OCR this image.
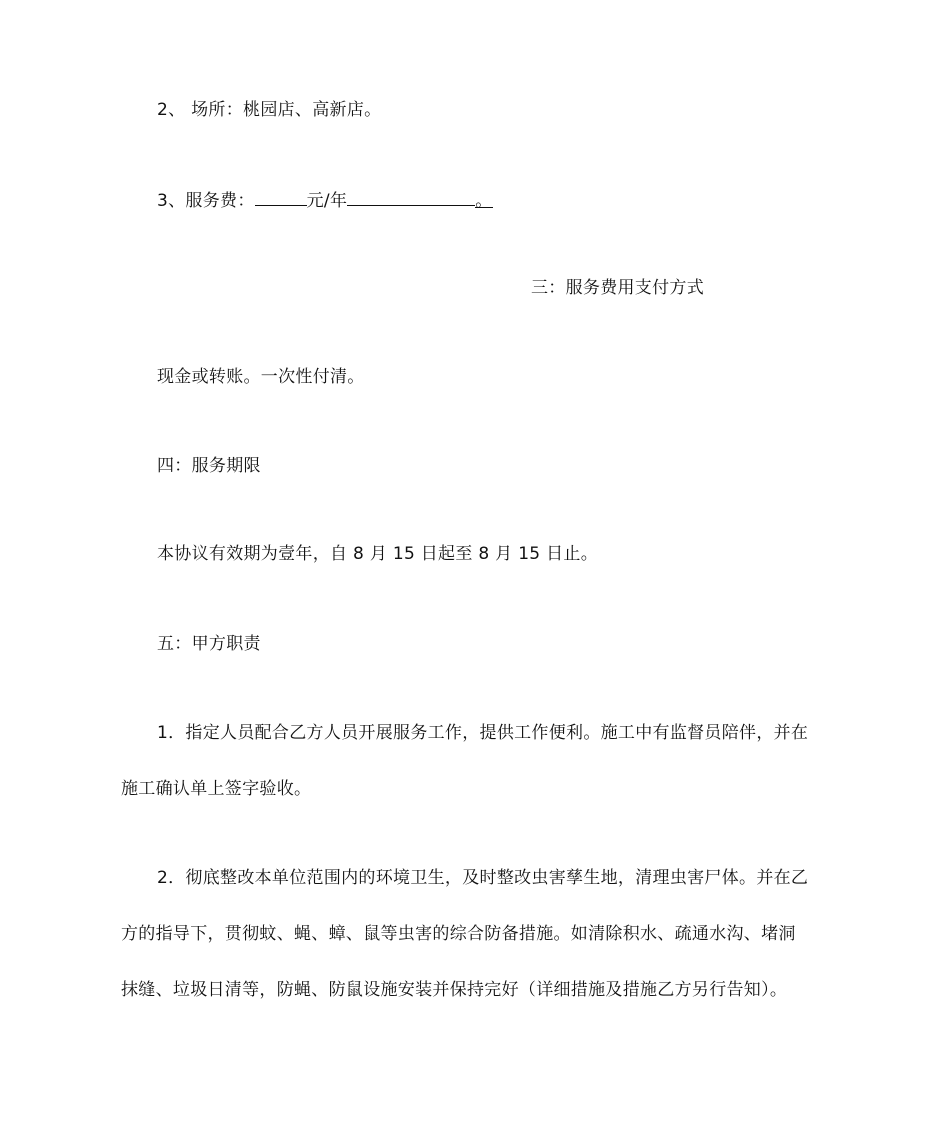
2、 场所：桃园店、高新店。
3、服务费：	元/年	。
三：服务费用支付方式
现金或转账。一次性付清。
四：服务期限
本协议有效期为壹年，自 8 月 15 日起至 8 月 15 日止。
五：甲方职责
1．指定人员配合乙方人员开展服务工作，提供工作便利。施工中有监督员陪伴，并在
施工确认单上签字验收。
2．彻底整改本单位范围内的环境卫生，及时整改虫害孳生地，清理虫害尸体。并在乙
方的指导下，贯彻蚊、蝇、蟑、鼠等虫害的综合防备措施。如清除积水、疏通水沟、堵洞
抹缝、垃圾日清等，防蝇、防鼠设施安装并保持完好（详细措施及措施乙方另行告知）。
